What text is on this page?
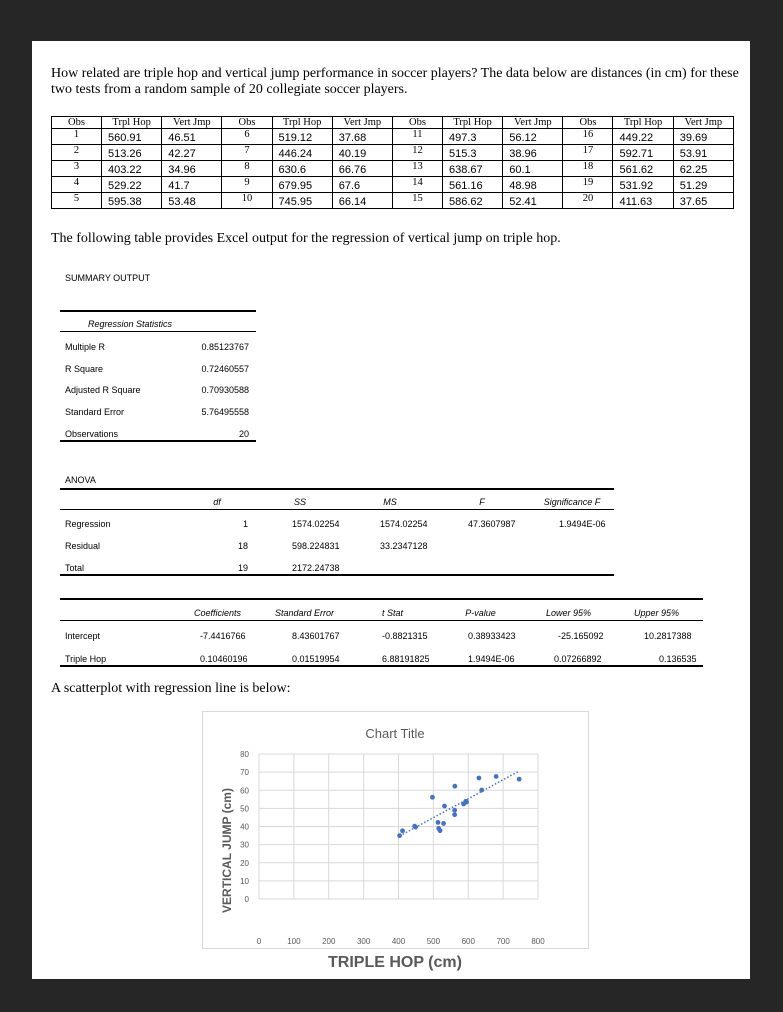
How related are triple hop and vertical jump performance in soccer players? The data below are distances (in cm) for these two tests from a random sample of 20 collegiate soccer players.
Obs	Trpl Hop	Vert Jmp	Obs	Trpl Hop	Vert Jmp	Obs	Trpl Hop	Vert Jmp	Obs	Trpl Hop	Vert Jmp
1	560.91	46.51	6	519.12	37.68	11	497.3	56.12	16	449.22	39.69
2	513.26	42.27	7	446.24	40.19	12	515.3	38.96	17	592.71	53.91
3	403.22	34.96	8	630.6	66.76	13	638.67	60.1	18	561.62	62.25
4	529.22	41.7	9	679.95	67.6	14	561.16	48.98	19	531.92	51.29
5	595.38	53.48	10	745.95	66.14	15	586.62	52.41	20	411.63	37.65
The following table provides Excel output for the regression of vertical jump on triple hop.
SUMMARY OUTPUT
Regression Statistics
Multiple R	0.85123767
R Square	0.72460557
Adjusted R Square	0.70930588
Standard Error	5.76495558
Observations	20
ANOVA
df	SS	MS	F	Significance F
Regression	1	1574.02254	1574.02254	47.3607987	1.9494E-06
Residual	18	598.224831	33.2347128
Total	19	2172.24738
Coefficients	Standard Error	t Stat	P-value	Lower 95%	Upper 95%
Intercept	-7.4416766	8.43601767	-0.8821315	0.38933423	-25.165092	10.2817388
Triple Hop	0.10460196	0.01519954	6.88191825	1.9494E-06	0.07266892	0.136535
A scatterplot with regression line is below:
Chart Title
0
10
20
30
40
50
60
70
80
0	100	200	300	400	500	600	700	800
VERTICAL JUMP (cm)
TRIPLE HOP (cm)
